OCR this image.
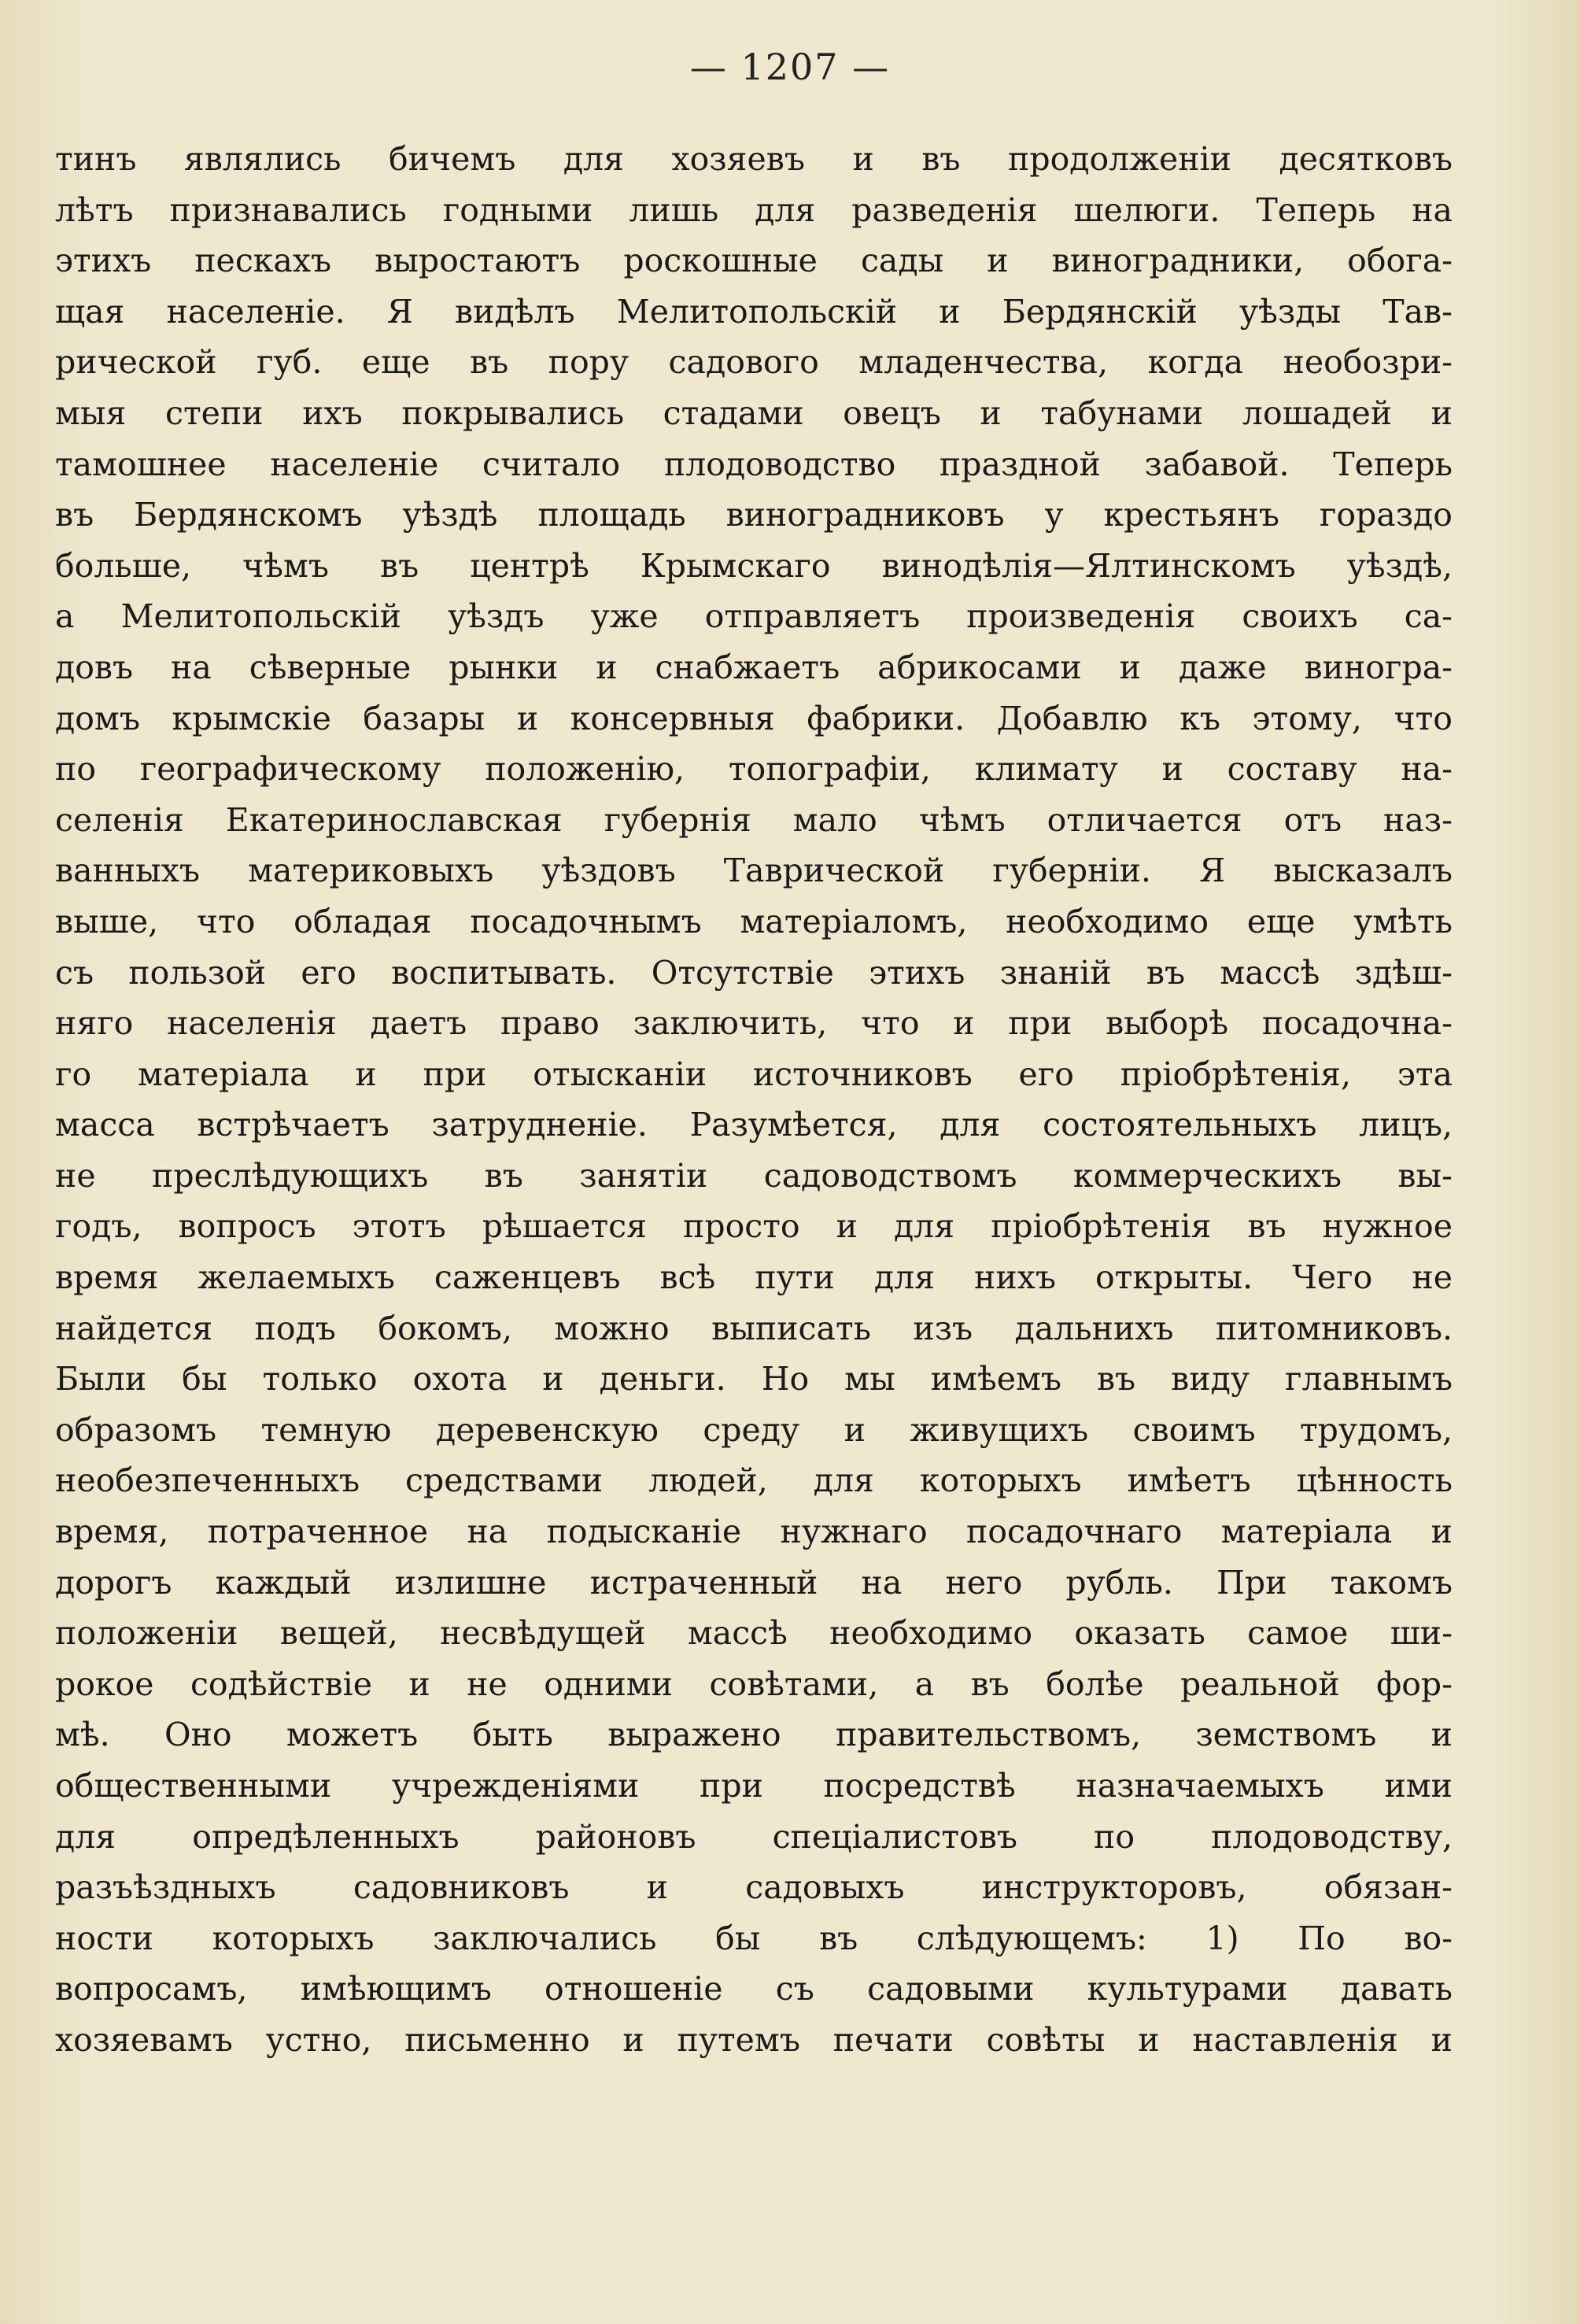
— 1207 —
тинъ являлись бичемъ для хозяевъ и въ продолженіи десятковъ
лѣтъ признавались годными лишь для разведенія шелюги. Теперь на
этихъ пескахъ выростаютъ роскошные сады и виноградники, обога-
щая населеніе. Я видѣлъ Мелитопольскій и Бердянскій уѣзды Тав-
рической губ. еще въ пору садового младенчества, когда необозри-
мыя степи ихъ покрывались стадами овецъ и табунами лошадей и
тамошнее населеніе считало плодоводство праздной забавой. Теперь
въ Бердянскомъ уѣздѣ площадь виноградниковъ у крестьянъ гораздо
больше, чѣмъ въ центрѣ Крымскаго винодѣлія—Ялтинскомъ уѣздѣ,
а Мелитопольскій уѣздъ уже отправляетъ произведенія своихъ са-
довъ на сѣверные рынки и снабжаетъ абрикосами и даже виногра-
домъ крымскіе базары и консервныя фабрики. Добавлю къ этому, что
по географическому положенію, топографіи, климату и составу на-
селенія Екатеринославская губернія мало чѣмъ отличается отъ наз-
ванныхъ материковыхъ уѣздовъ Таврической губерніи. Я высказалъ
выше, что обладая посадочнымъ матеріаломъ, необходимо еще умѣть
съ пользой его воспитывать. Отсутствіе этихъ знаній въ массѣ здѣш-
няго населенія даетъ право заключить, что и при выборѣ посадочна-
го матеріала и при отысканіи источниковъ его пріобрѣтенія, эта
масса встрѣчаетъ затрудненіе. Разумѣется, для состоятельныхъ лицъ,
не преслѣдующихъ въ занятіи садоводствомъ коммерческихъ вы-
годъ, вопросъ этотъ рѣшается просто и для пріобрѣтенія въ нужное
время желаемыхъ саженцевъ всѣ пути для нихъ открыты. Чего не
найдется подъ бокомъ, можно выписать изъ дальнихъ питомниковъ.
Были бы только охота и деньги. Но мы имѣемъ въ виду главнымъ
образомъ темную деревенскую среду и живущихъ своимъ трудомъ,
необезпеченныхъ средствами людей, для которыхъ имѣетъ цѣнность
время, потраченное на подысканіе нужнаго посадочнаго матеріала и
дорогъ каждый излишне истраченный на него рубль. При такомъ
положеніи вещей, несвѣдущей массѣ необходимо оказать самое ши-
рокое содѣйствіе и не одними совѣтами, а въ болѣе реальной фор-
мѣ. Оно можетъ быть выражено правительствомъ, земствомъ и
общественными учрежденіями при посредствѣ назначаемыхъ ими
для опредѣленныхъ районовъ спеціалистовъ по плодоводству,
разъѣздныхъ садовниковъ и садовыхъ инструкторовъ, обязан-
ности которыхъ заключались бы въ слѣдующемъ: 1) По во-
вопросамъ, имѣющимъ отношеніе съ садовыми культурами давать
хозяевамъ устно, письменно и путемъ печати совѣты и наставленія и
